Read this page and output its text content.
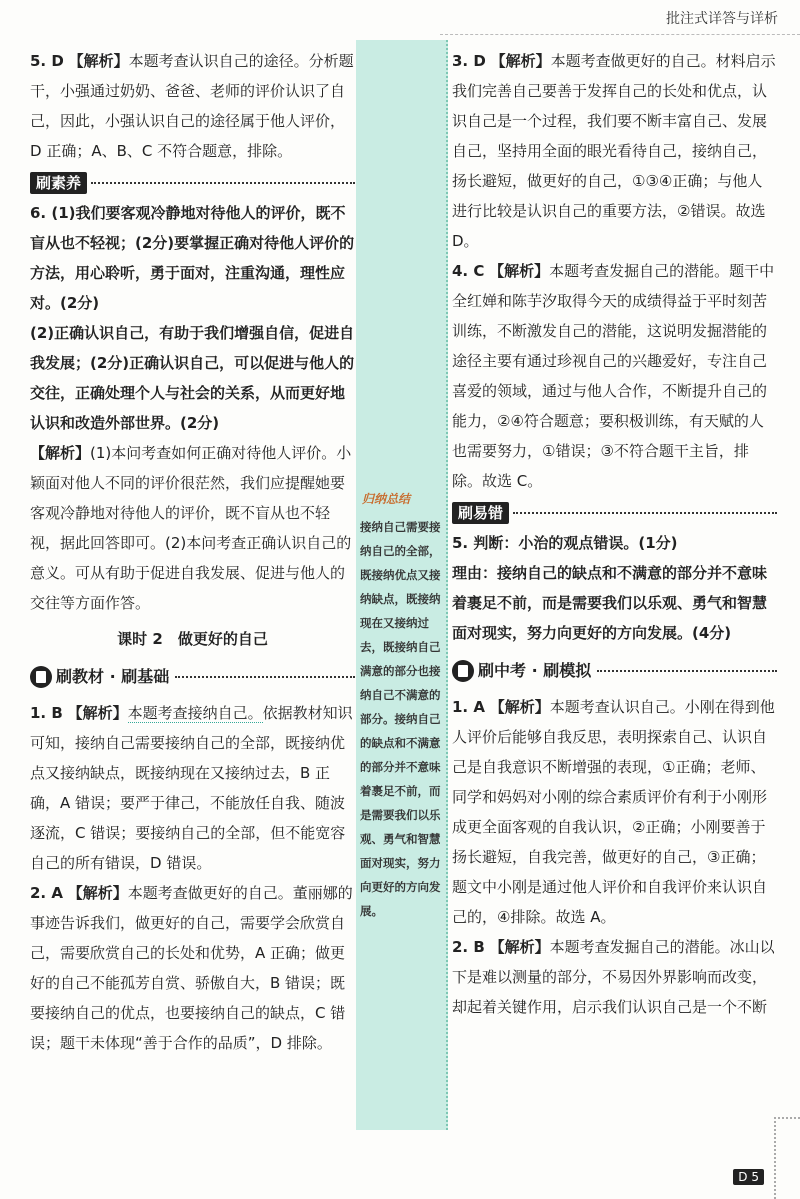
批注式详答与详析

5. D 【解析】本题考查认识自己的途径。分析题干，小强通过奶奶、爸爸、老师的评价认识了自己，因此，小强认识自己的途径属于他人评价，D 正确；A、B、C 不符合题意，排除。

刷素养

6. (1)我们要客观冷静地对待他人的评价，既不盲从也不轻视；(2分)要掌握正确对待他人评价的方法，用心聆听，勇于面对，注重沟通，理性应对。(2分)

(2)正确认识自己，有助于我们增强自信，促进自我发展；(2分)正确认识自己，可以促进与他人的交往，正确处理个人与社会的关系，从而更好地认识和改造外部世界。(2分)

【解析】(1)本问考查如何正确对待他人评价。小颖面对他人不同的评价很茫然，我们应提醒她要客观冷静地对待他人的评价，既不盲从也不轻视，据此回答即可。(2)本问考查正确认识自己的意义。可从有助于促进自我发展、促进与他人的交往等方面作答。

课时 2　做更好的自己
刷教材 · 刷基础

1. B 【解析】本题考查接纳自己。依据教材知识可知，接纳自己需要接纳自己的全部，既接纳优点又接纳缺点，既接纳现在又接纳过去，B 正确，A 错误；要严于律己，不能放任自我、随波逐流，C 错误；要接纳自己的全部，但不能宽容自己的所有错误，D 错误。

2. A 【解析】本题考查做更好的自己。董丽娜的事迹告诉我们，做更好的自己，需要学会欣赏自己，需要欣赏自己的长处和优势，A 正确；做更好的自己不能孤芳自赏、骄傲自大，B 错误；既要接纳自己的优点，也要接纳自己的缺点，C 错误；题干未体现“善于合作的品质”，D 排除。

归纳总结
接纳自己需要接纳自己的全部，既接纳优点又接纳缺点，既接纳现在又接纳过去，既接纳自己满意的部分也接纳自己不满意的部分。接纳自己的缺点和不满意的部分并不意味着裹足不前，而是需要我们以乐观、勇气和智慧面对现实，努力向更好的方向发展。

3. D 【解析】本题考查做更好的自己。材料启示我们完善自己要善于发挥自己的长处和优点，认识自己是一个过程，我们要不断丰富自己、发展自己，坚持用全面的眼光看待自己，接纳自己，扬长避短，做更好的自己，①③④正确；与他人进行比较是认识自己的重要方法，②错误。故选 D。

4. C 【解析】本题考查发掘自己的潜能。题干中全红婵和陈芋汐取得今天的成绩得益于平时刻苦训练，不断激发自己的潜能，这说明发掘潜能的途径主要有通过珍视自己的兴趣爱好，专注自己喜爱的领域，通过与他人合作，不断提升自己的能力，②④符合题意；要积极训练，有天赋的人也需要努力，①错误；③不符合题干主旨，排除。故选 C。

刷易错

5. 判断：小治的观点错误。(1分)

理由：接纳自己的缺点和不满意的部分并不意味着裹足不前，而是需要我们以乐观、勇气和智慧面对现实，努力向更好的方向发展。(4分)

刷中考 · 刷模拟

1. A 【解析】本题考查认识自己。小刚在得到他人评价后能够自我反思，表明探索自己、认识自己是自我意识不断增强的表现，①正确；老师、同学和妈妈对小刚的综合素质评价有利于小刚形成更全面客观的自我认识，②正确；小刚要善于扬长避短，自我完善，做更好的自己，③正确；题文中小刚是通过他人评价和自我评价来认识自己的，④排除。故选 A。

2. B 【解析】本题考查发掘自己的潜能。冰山以下是难以测量的部分，不易因外界影响而改变，却起着关键作用，启示我们认识自己是一个不断

D 5
